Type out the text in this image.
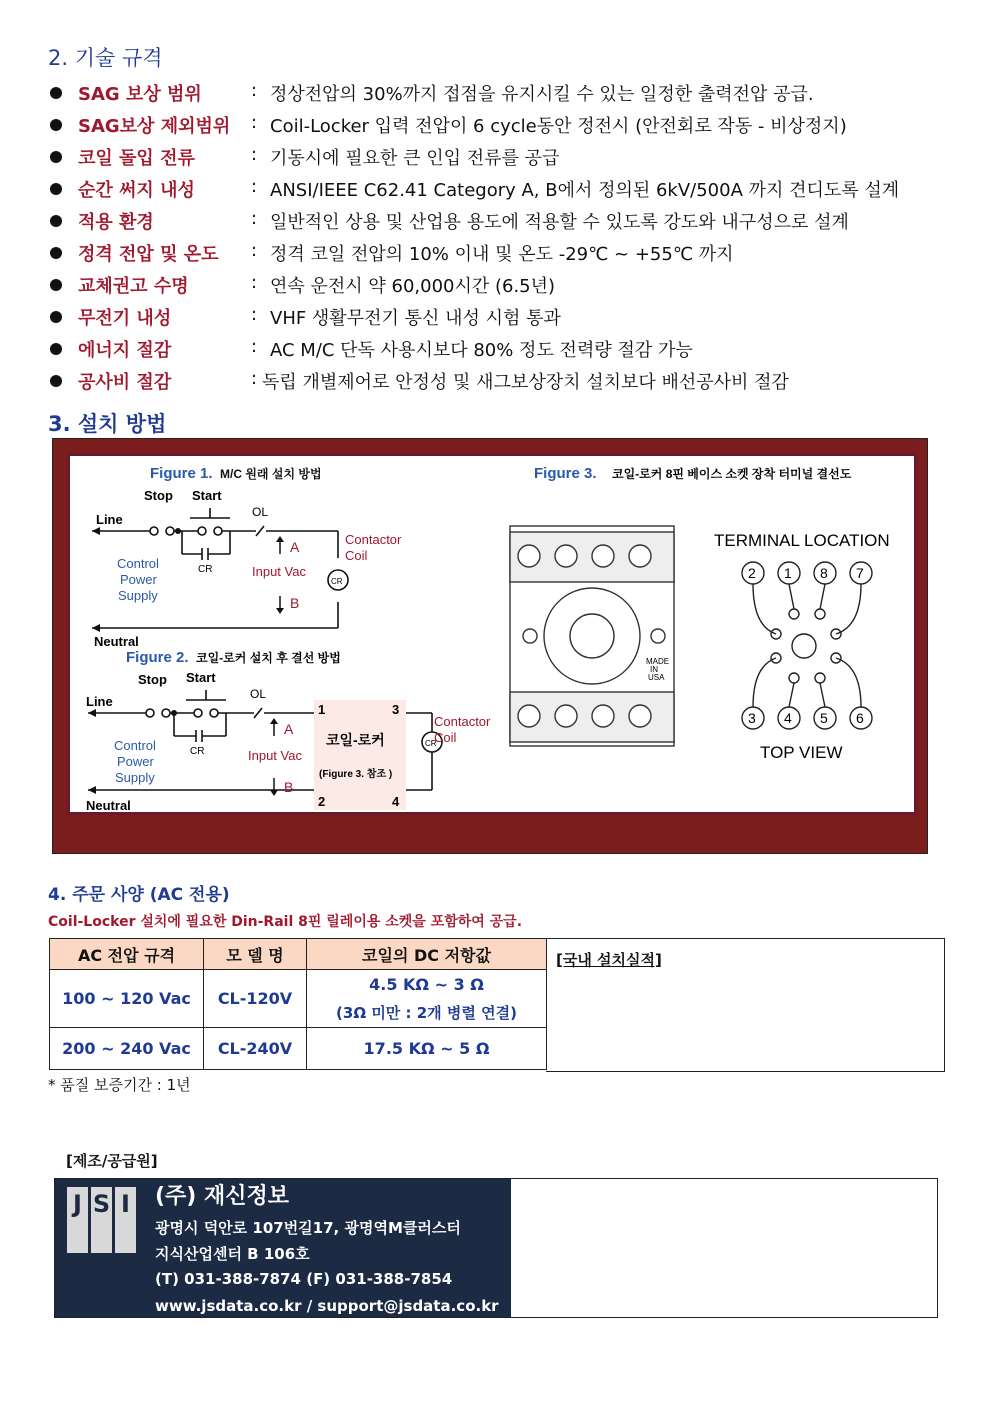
2. 기술 규격
SAG 보상 범위	: 정상전압의 30%까지 접점을 유지시킬 수 있는 일정한 출력전압 공급.
SAG보상 제외범위 : Coil-Locker 입력 전압이 6 cycle동안 정전시 (안전회로 작동 - 비상정지)
코일 돌입 전류	: 기동시에 필요한 큰 인입 전류를 공급
순간 써지 내성	: ANSI/IEEE C62.41 Category A, B에서 정의된 6kV/500A 까지 견디도록 설계
적용 환경	: 일반적인 상용 및 산업용 용도에 적용할 수 있도록 강도와 내구성으로 설계
정격 전압 및 온도 : 정격 코일 전압의 10% 이내 및 온도 -29℃ ~ +55℃ 까지
교체권고 수명	: 연속 운전시 약 60,000시간 (6.5년)
무전기 내성	: VHF 생활무전기 통신 내성 시험 통과
에너지 절감	: AC M/C 단독 사용시보다 80% 정도 전력량 절감 가능
공사비 절감	: 독립 개별제어로 안정성 및 새그보상장치 설치보다 배선공사비 절감
3. 설치 방법
Figure 1. M/C 원래 설치 방법
Stop Start
Line	OL
CR
CR
Control
Power
Supply
A
Input Vac
B
Contactor
Coil
Neutral
Figure 2. 코일-로커 설치 후 결선 방법
Stop Start
Line	OL
CR
CR
Control
Power
Supply
A
Input Vac
B
1	3
2	4
코일-로커
(Figure 3. 참조 )
Contactor
Coil
Neutral
Figure 3. 코일-로커 8핀 베이스 소켓 장착 터미널 결선도
MADE
IN
USA
TERMINAL LOCATION
2 1 8 7
3 4 5 6
TOP VIEW
4. 주문 사양 (AC 전용)
Coil-Locker 설치에 필요한 Din-Rail 8핀 릴레이용 소켓을 포함하여 공급.
AC 전압 규격	모 델 명	코일의 DC 저항값
100 ~ 120 Vac	CL-120V	4.5 KΩ ~ 3 Ω
(3Ω 미만 : 2개 병렬 연결)

200 ~ 240 Vac	CL-240V	17.5 KΩ ~ 5 Ω
[국내 설치실적]
* 품질 보증기간 : 1년
[제조/공급원]
J S I (주) 재신정보
광명시 덕안로 107번길17, 광명역M클러스터
지식산업센터 B 106호
(T) 031-388-7874 (F) 031-388-7854
www.jsdata.co.kr / support@jsdata.co.kr
